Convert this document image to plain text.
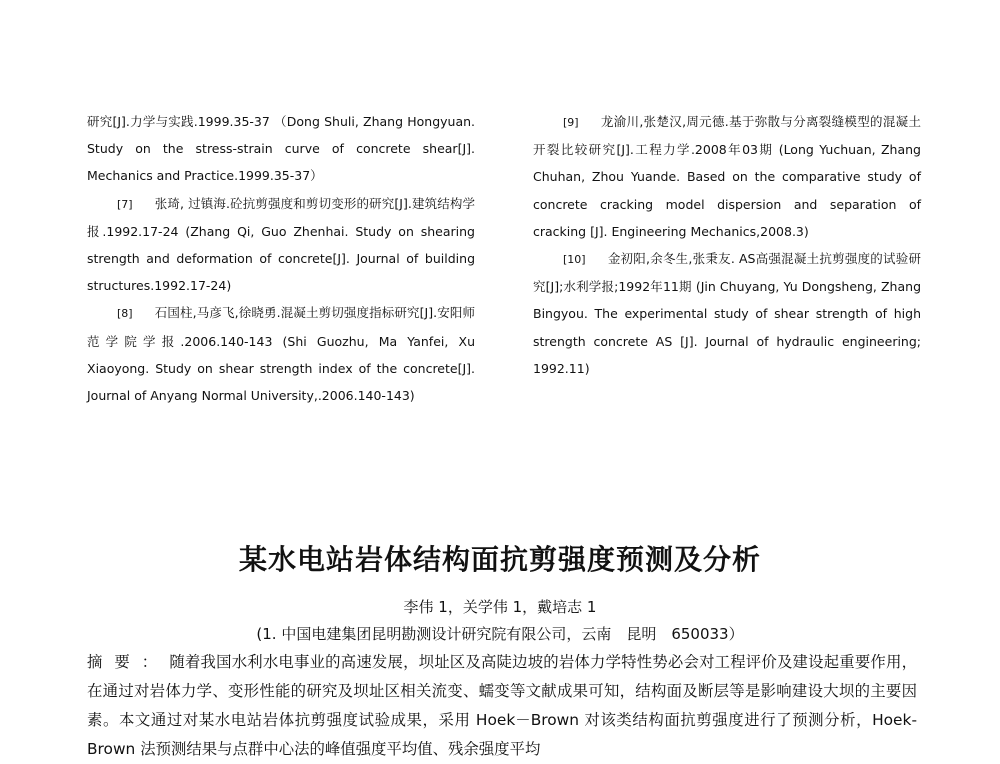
研究[J].力学与实践.1999.35-37 （Dong Shuli, Zhang Hongyuan. Study on the stress-strain curve of concrete shear[J]. Mechanics and Practice.1999.35-37）

[7] 张琦, 过镇海.砼抗剪强度和剪切变形的研究[J].建筑结构学报.1992.17-24 (Zhang Qi, Guo Zhenhai. Study on shearing strength and deformation of concrete[J]. Journal of building structures.1992.17-24)

[8] 石国柱,马彦飞,徐晓勇.混凝土剪切强度指标研究[J].安阳师范学院学报.2006.140-143 (Shi Guozhu, Ma Yanfei, Xu Xiaoyong. Study on shear strength index of the concrete[J]. Journal of Anyang Normal University,.2006.140-143)

[9] 龙渝川,张楚汉,周元德.基于弥散与分离裂缝模型的混凝土开裂比较研究[J].工程力学.2008年03期 (Long Yuchuan, Zhang Chuhan, Zhou Yuande. Based on the comparative study of concrete cracking model dispersion and separation of cracking [J]. Engineering Mechanics,2008.3)

[10] 金初阳,余冬生,张秉友. AS高强混凝土抗剪强度的试验研究[J];水利学报;1992年11期 (Jin Chuyang, Yu Dongsheng, Zhang Bingyou. The experimental study of shear strength of high strength concrete AS [J]. Journal of hydraulic engineering; 1992.11)

某水电站岩体结构面抗剪强度预测及分析

李伟 1，关学伟 1，戴培志 1

(1. 中国电建集团昆明勘测设计研究院有限公司，云南　昆明　650033）

摘要：随着我国水利水电事业的高速发展，坝址区及高陡边坡的岩体力学特性势必会对工程评价及建设起重要作用，在通过对岩体力学、变形性能的研究及坝址区相关流变、蠕变等文献成果可知，结构面及断层等是影响建设大坝的主要因素。本文通过对某水电站岩体抗剪强度试验成果，采用 Hoek－Brown 对该类结构面抗剪强度进行了预测分析，Hoek-Brown 法预测结果与点群中心法的峰值强度平均值、残余强度平均
